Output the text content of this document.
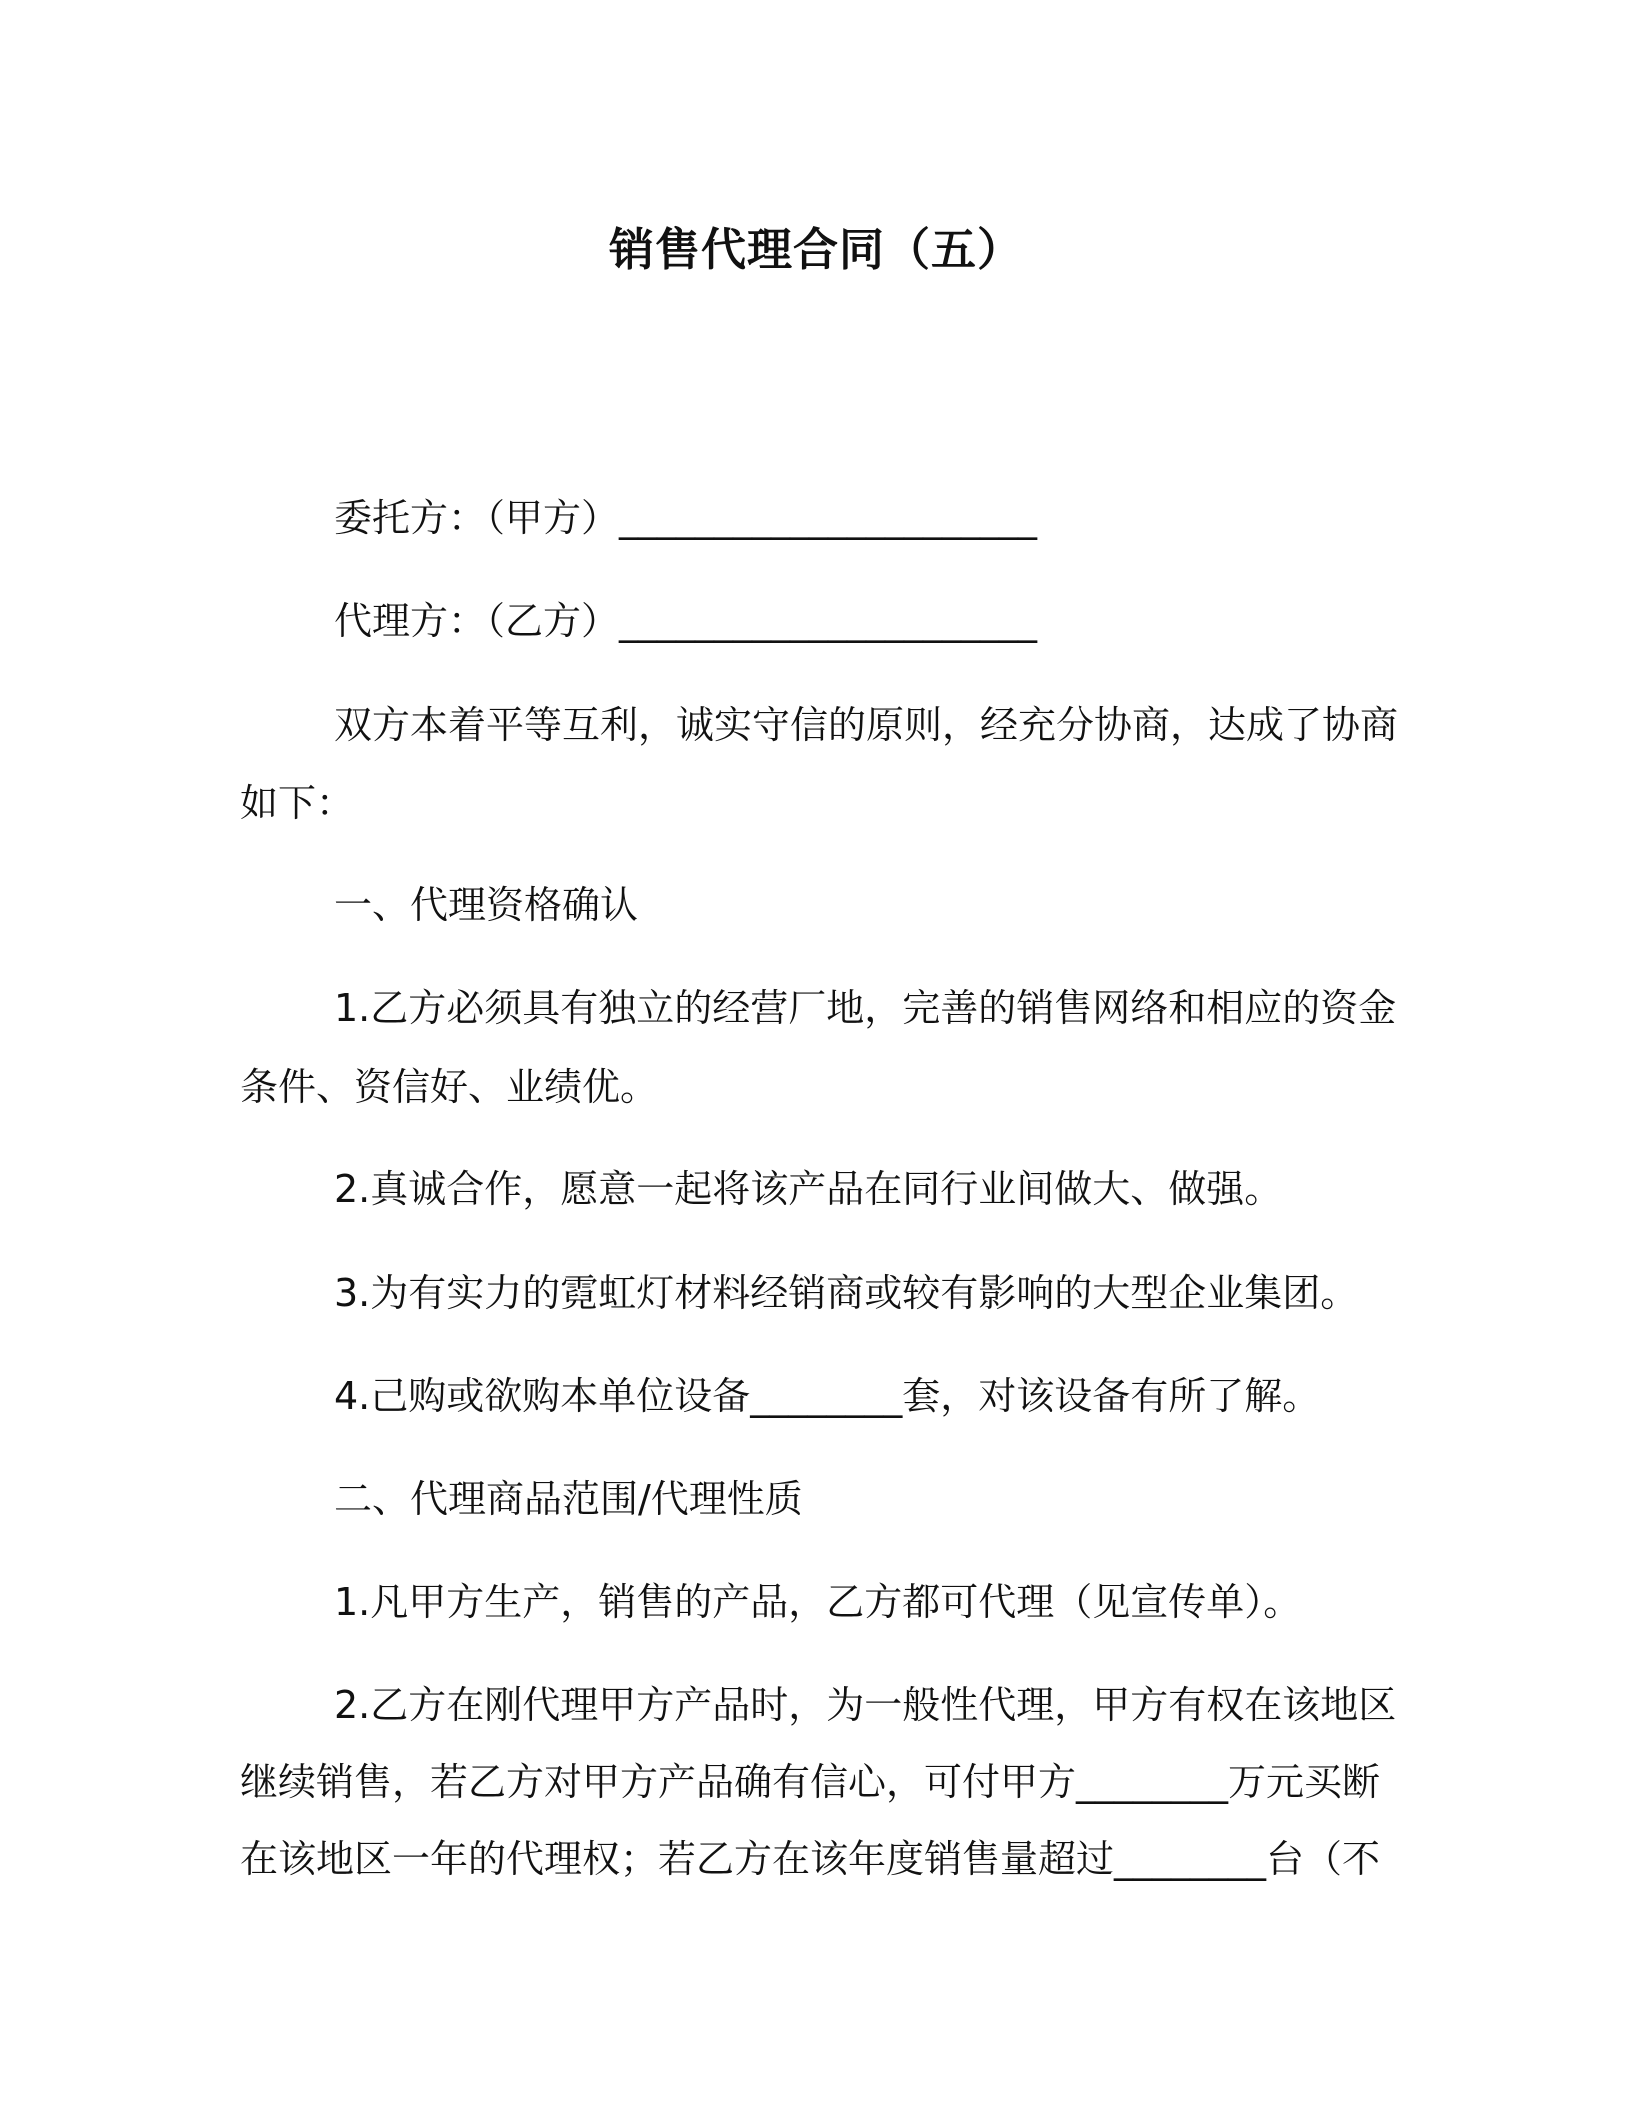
销售代理合同（五）
委托方：（甲方）______________________
代理方：（乙方）______________________
双方本着平等互利，诚实守信的原则，经充分协商，达成了协商
如下：
一、代理资格确认
1.乙方必须具有独立的经营厂地，完善的销售网络和相应的资金
条件、资信好、业绩优。
2.真诚合作，愿意一起将该产品在同行业间做大、做强。
3.为有实力的霓虹灯材料经销商或较有影响的大型企业集团。
4.己购或欲购本单位设备________套，对该设备有所了解。
二、代理商品范围/代理性质
1.凡甲方生产，销售的产品，乙方都可代理（见宣传单）。
2.乙方在刚代理甲方产品时，为一般性代理，甲方有权在该地区
继续销售，若乙方对甲方产品确有信心，可付甲方________万元买断
在该地区一年的代理权；若乙方在该年度销售量超过________台（不
